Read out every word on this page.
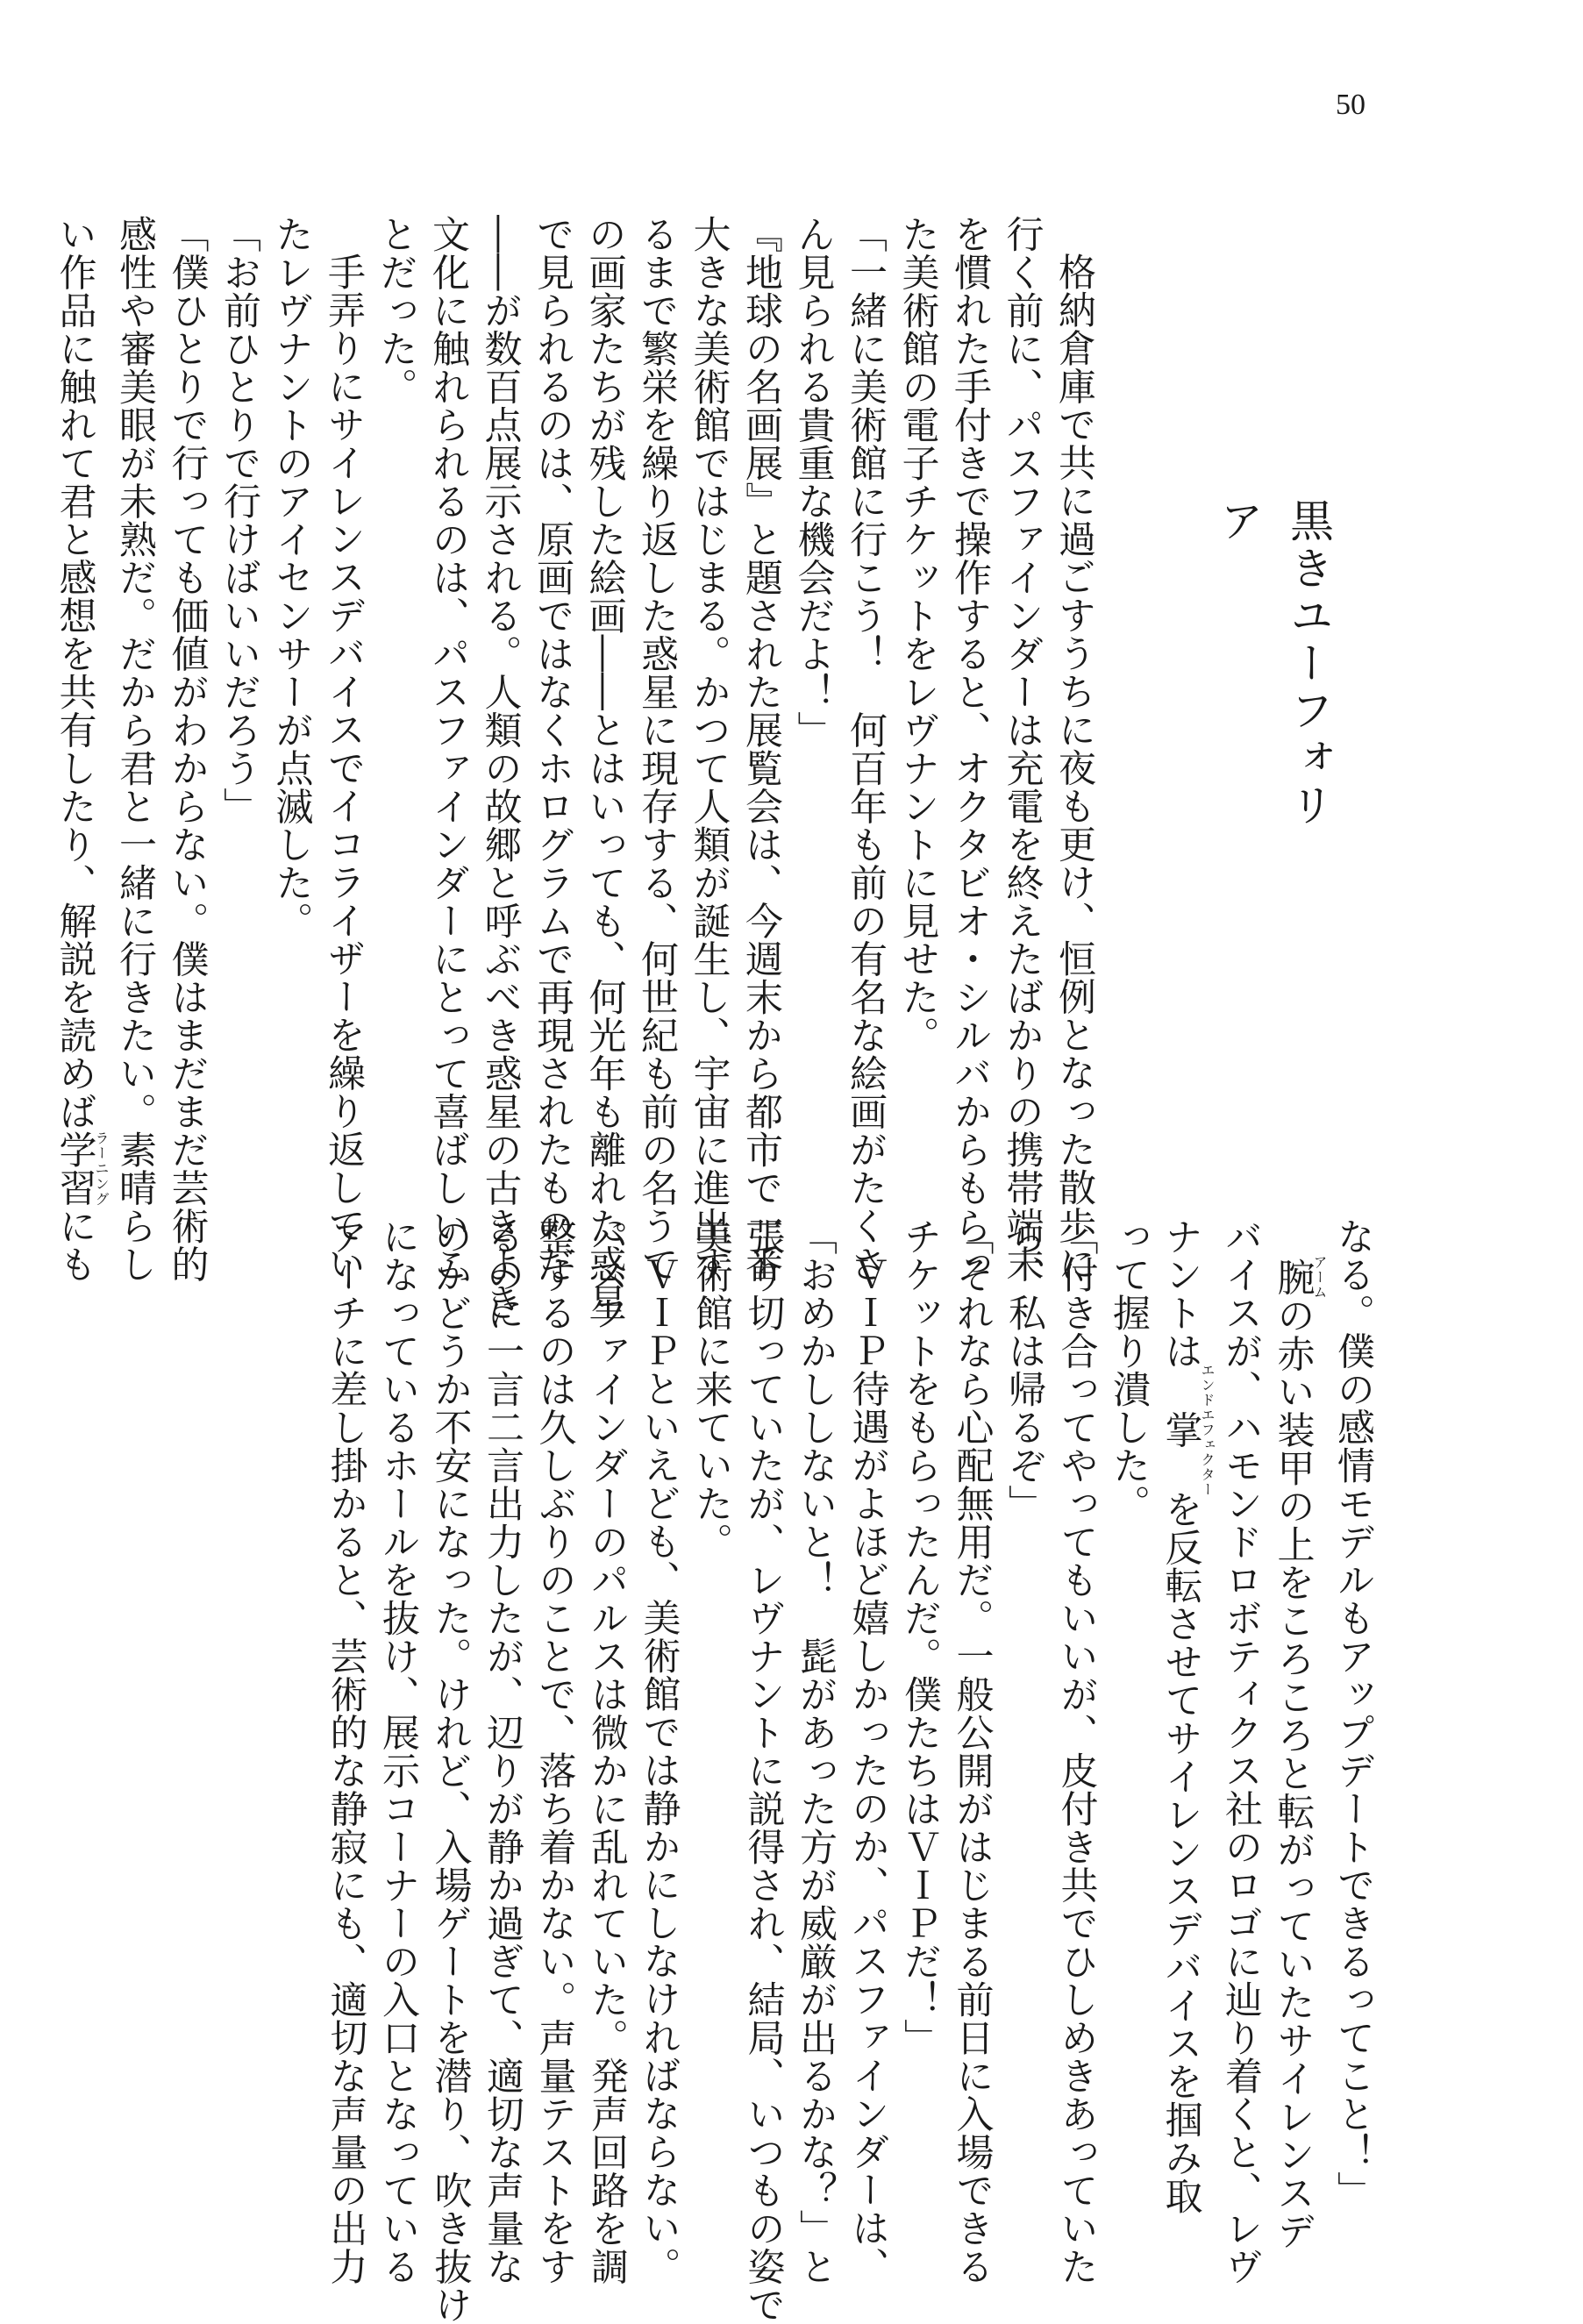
50
黒きユーフォリア
格納倉庫で共に過ごすうちに夜も更け、恒例となった散歩に
行く前に、パスファインダーは充電を終えたばかりの携帯端末
を慣れた手付きで操作すると、オクタビオ・シルバからもらっ
た美術館の電子チケットをレヴナントに見せた。
「一緒に美術館に行こう！　何百年も前の有名な絵画がたくさ
ん見られる貴重な機会だよ！」
『地球の名画展』と題された展覧会は、今週末から都市で一番
大きな美術館ではじまる。かつて人類が誕生し、宇宙に進出す
るまで繁栄を繰り返した惑星に現存する、何世紀も前の名うて
の画家たちが残した絵画――とはいっても、何光年も離れた惑星
で見られるのは、原画ではなくホログラムで再現されたものだ
――が数百点展示される。人類の故郷と呼ぶべき惑星の古きよき
文化に触れられるのは、パスファインダーにとって喜ばしいこ
とだった。
手弄りにサイレンスデバイスでイコライザーを繰り返してい
たレヴナントのアイセンサーが点滅した。
「お前ひとりで行けばいいだろう」
「僕ひとりで行っても価値がわからない。僕はまだまだ芸術的
感性や審美眼が未熟だ。だから君と一緒に行きたい。素晴らし
い作品に触れて君と感想を共有したり、解説を読めば学習ラーニングにも	なる。僕の感情モデルもアップデートできるってこと！」
腕アームの赤い装甲の上をころころと転がっていたサイレンスデ
バイスが、ハモンドロボティクス社のロゴに辿り着くと、レヴ
ナントは掌エンドエフェクターを反転させてサイレンスデバイスを掴み取
って握り潰した。
「付き合ってやってもいいが、皮付き共でひしめきあっていた
ら、私は帰るぞ」
「それなら心配無用だ。一般公開がはじまる前日に入場できる
チケットをもらったんだ。僕たちはＶＩＰだ！」
ＶＩＰ待遇がよほど嬉しかったのか、パスファインダーは、
「おめかししないと！　髭があった方が威厳が出るかな？」と
張り切っていたが、レヴナントに説得され、結局、いつもの姿で
美術館に来ていた。
ＶＩＰといえども、美術館では静かにしなければならない。
パスファインダーのパルスは微かに乱れていた。発声回路を調
整するのは久しぶりのことで、落ち着かない。声量テストをす
るのに一言二言出力したが、辺りが静か過ぎて、適切な声量な
のかどうか不安になった。けれど、入場ゲートを潜り、吹き抜け
になっているホールを抜け、展示コーナーの入口となっている
アーチに差し掛かると、芸術的な静寂にも、適切な声量の出力
